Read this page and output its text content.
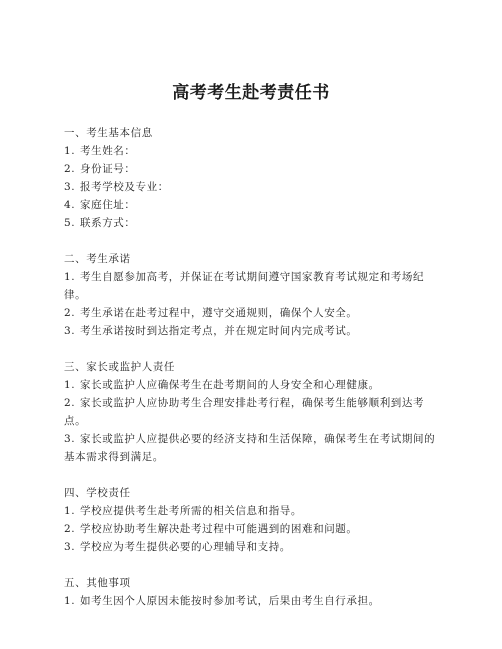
高考考生赴考责任书

一、考生基本信息

1. 考生姓名：

2. 身份证号：

3. 报考学校及专业：

4. 家庭住址：

5. 联系方式：

二、考生承诺

1. 考生自愿参加高考，并保证在考试期间遵守国家教育考试规定和考场纪律。

2. 考生承诺在赴考过程中，遵守交通规则，确保个人安全。

3. 考生承诺按时到达指定考点，并在规定时间内完成考试。

三、家长或监护人责任

1. 家长或监护人应确保考生在赴考期间的人身安全和心理健康。

2. 家长或监护人应协助考生合理安排赴考行程，确保考生能够顺利到达考点。

3. 家长或监护人应提供必要的经济支持和生活保障，确保考生在考试期间的基本需求得到满足。

四、学校责任

1. 学校应提供考生赴考所需的相关信息和指导。

2. 学校应协助考生解决赴考过程中可能遇到的困难和问题。

3. 学校应为考生提供必要的心理辅导和支持。

五、其他事项

1. 如考生因个人原因未能按时参加考试，后果由考生自行承担。
